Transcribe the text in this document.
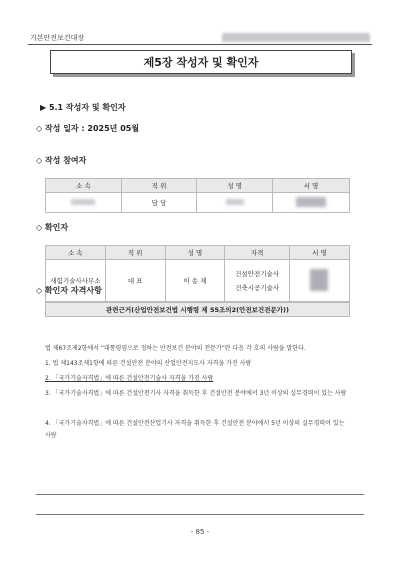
기본안전보건대장
제5장 작성자 및 확인자
▶ 5.1 작성자 및 확인자
◇ 작성 일자 : 2025년 05월
◇ 작성 참여자
소 속	직 위	성 명	서 명
	담 당		
◇ 확인자
소 속	직 위	성 명	자격	서 명
새힘기술사사무소	대 표	이 송 재	건설안전기술사
건축시공기술사	

◇ 확인자 자격사항
관련근거(산업안전보건법 시행령 제 55조의2(안전보건전문가))
법 제67조제2항에서 “대통령령으로 정하는 안전보건 분야의 전문가”란 다음 각 호의 사람을 말한다.
1. 법 제143조제1항에 따른 건설안전 분야의 산업안전지도사 자격을 가진 사람
2. 「국가기술자격법」에 따른 건설안전기술사 자격을 가진 사람
3. 「국가기술자격법」에 따른 건설안전기사 자격을 취득한 후 건설안전 분야에서 3년 이상의 실무경력이 있는 사람
4. 「국가기술자격법」에 따른 건설안전산업기사 자격을 취득한 후 건설안전 분야에서 5년 이상의 실무경력이 있는 사람
- 85 -
